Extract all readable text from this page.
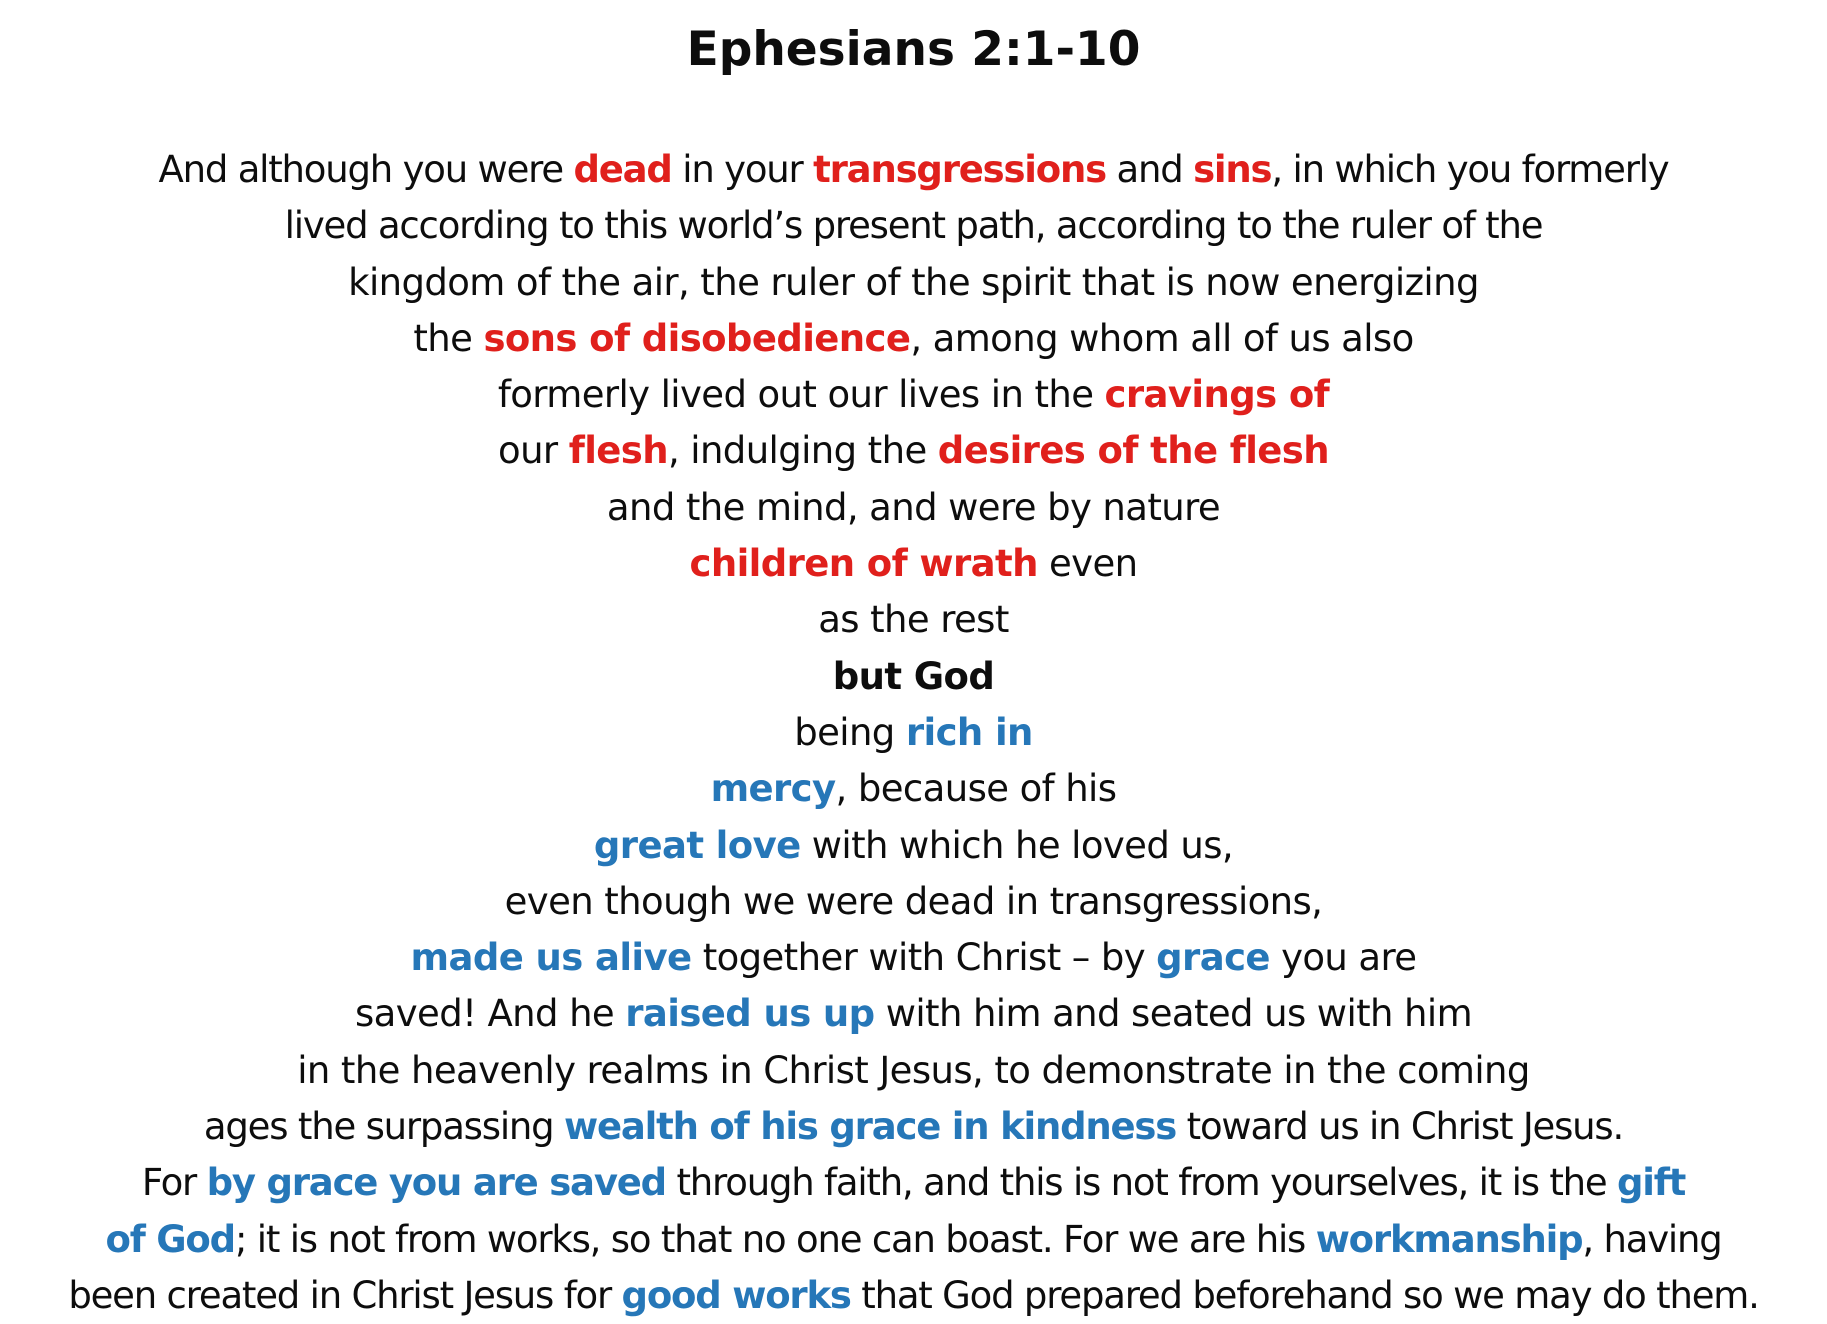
Ephesians 2:1-10
And although you were dead in your transgressions and sins, in which you formerly
lived according to this world’s present path, according to the ruler of the
kingdom of the air, the ruler of the spirit that is now energizing
the sons of disobedience, among whom all of us also
formerly lived out our lives in the cravings of
our flesh, indulging the desires of the flesh
and the mind, and were by nature
children of wrath even
as the rest
but God
being rich in
mercy, because of his
great love with which he loved us,
even though we were dead in transgressions,
made us alive together with Christ – by grace you are
saved! And he raised us up with him and seated us with him
in the heavenly realms in Christ Jesus, to demonstrate in the coming
ages the surpassing wealth of his grace in kindness toward us in Christ Jesus.
For by grace you are saved through faith, and this is not from yourselves, it is the gift
of God; it is not from works, so that no one can boast. For we are his workmanship, having
been created in Christ Jesus for good works that God prepared beforehand so we may do them.
